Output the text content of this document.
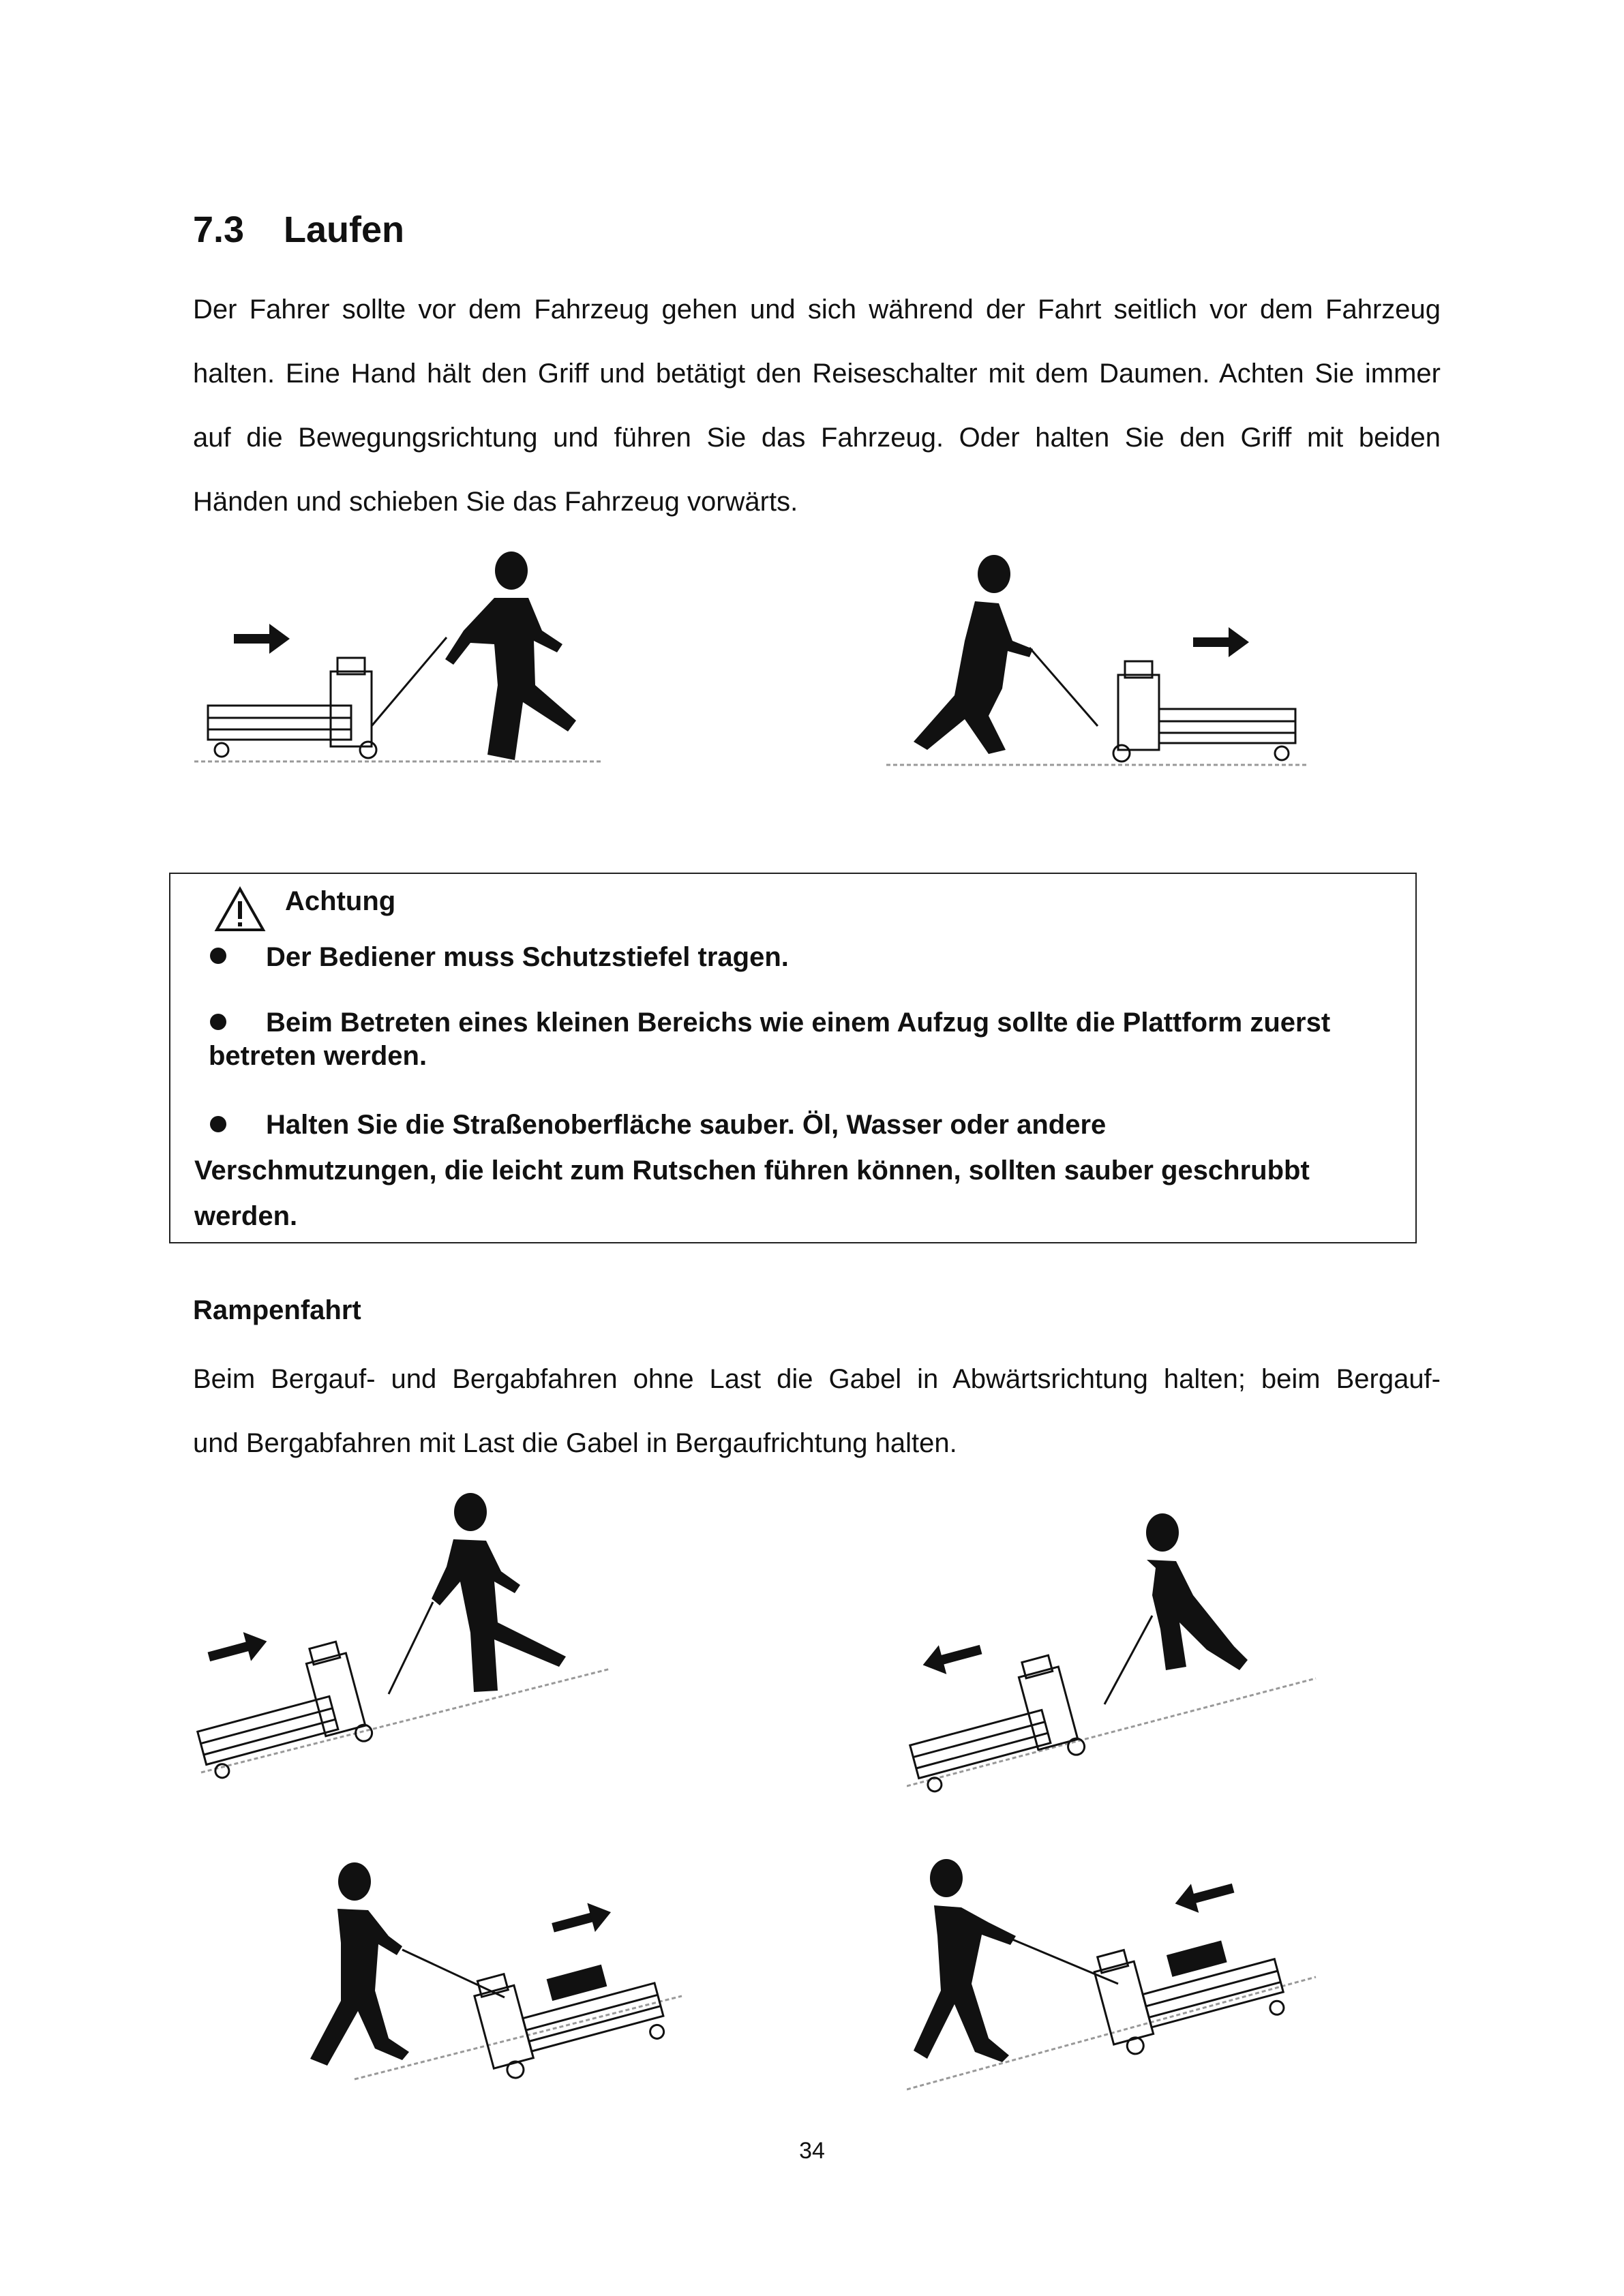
7.3 Laufen
Der Fahrer sollte vor dem Fahrzeug gehen und sich während der Fahrt seitlich vor dem Fahrzeug
halten. Eine Hand hält den Griff und betätigt den Reiseschalter mit dem Daumen. Achten Sie immer
auf die Bewegungsrichtung und führen Sie das Fahrzeug. Oder halten Sie den Griff mit beiden
Händen und schieben Sie das Fahrzeug vorwärts.
Achtung
Der Bediener muss Schutzstiefel tragen.
Beim Betreten eines kleinen Bereichs wie einem Aufzug sollte die Plattform zuerst
betreten werden.
Halten Sie die Straßenoberfläche sauber. Öl, Wasser oder andere
Verschmutzungen, die leicht zum Rutschen führen können, sollten sauber geschrubbt
werden.
Rampenfahrt
Beim Bergauf- und Bergabfahren ohne Last die Gabel in Abwärtsrichtung halten; beim Bergauf-
und Bergabfahren mit Last die Gabel in Bergaufrichtung halten.
34
